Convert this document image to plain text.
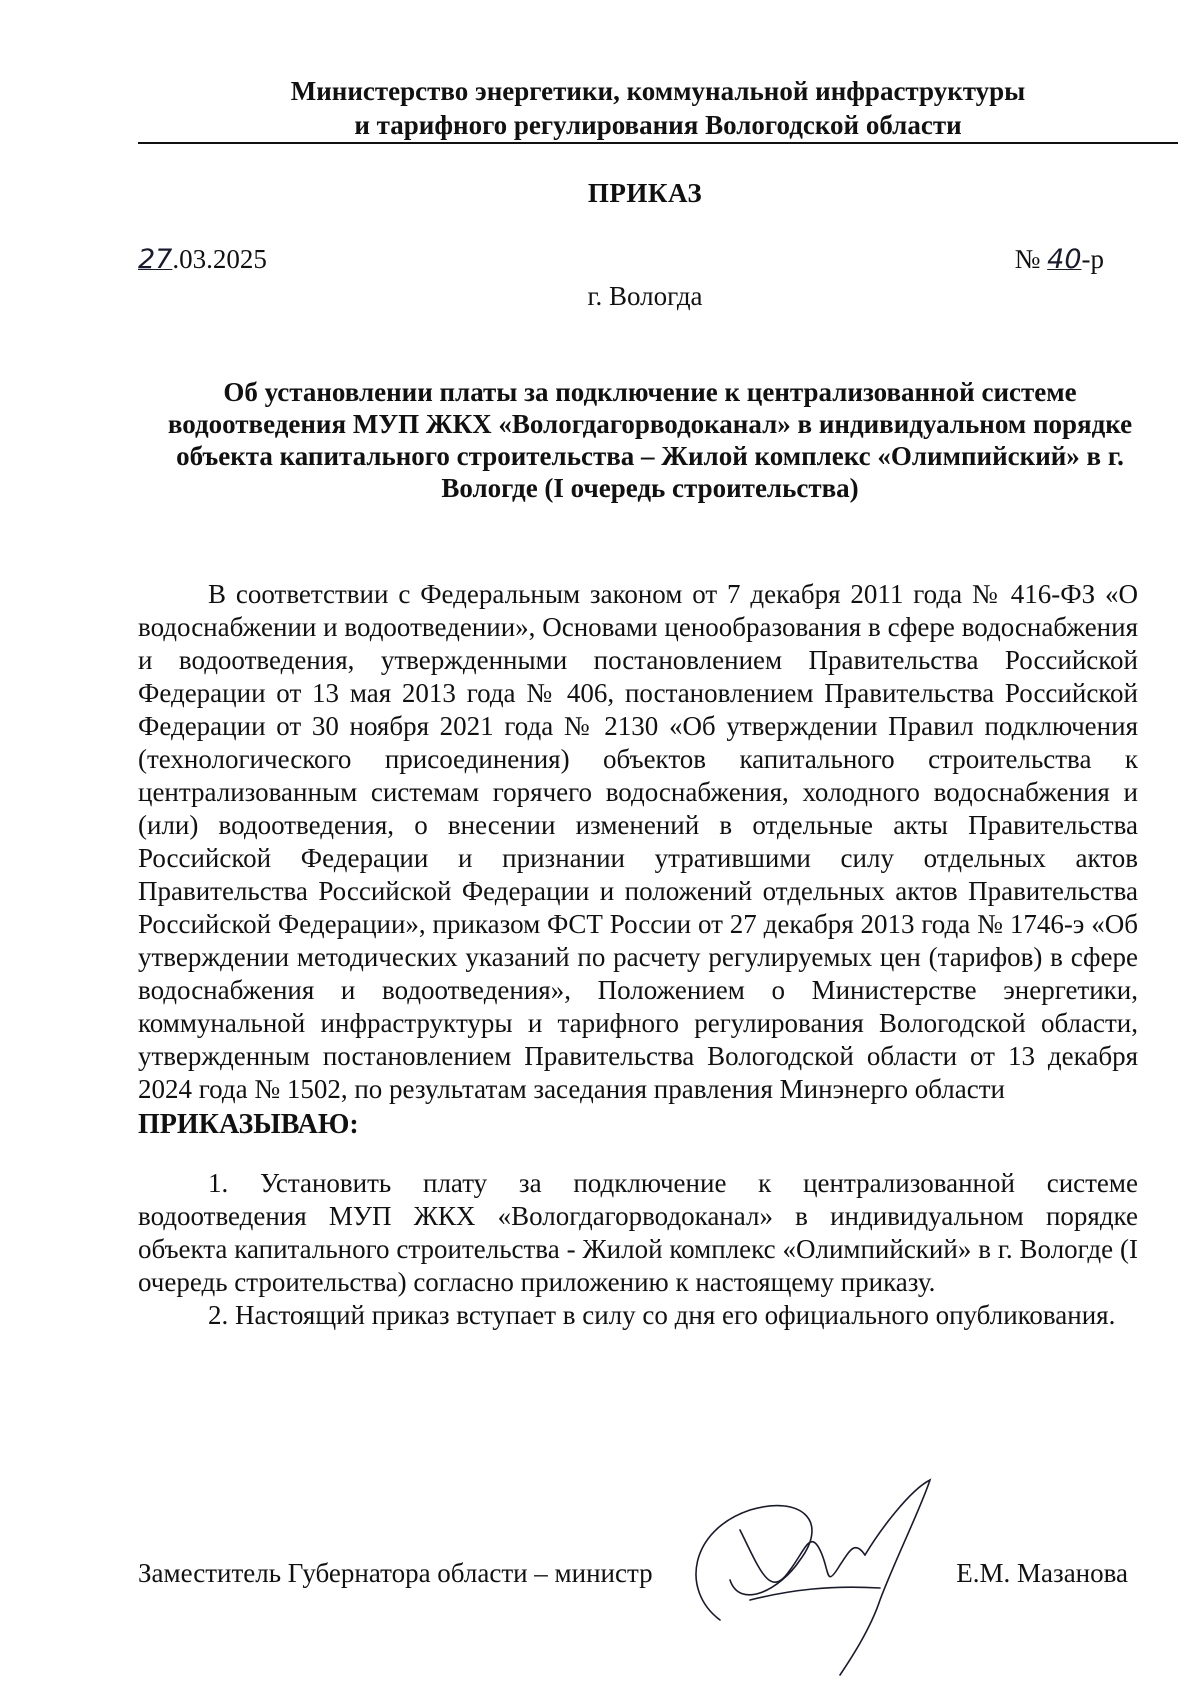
Министерство энергетики, коммунальной инфраструктуры
и тарифного регулирования Вологодской области
ПРИКАЗ
27.03.2025	№ 40-р
г. Вологда
Об установлении платы за подключение к централизованной системе водоотведения МУП ЖКХ «Вологдагорводоканал» в индивидуальном порядке объекта капитального строительства – Жилой комплекс «Олимпийский» в г. Вологде (I очередь строительства)

В соответствии с Федеральным законом от 7 декабря 2011 года № 416-ФЗ «О водоснабжении и водоотведении», Основами ценообразования в сфере водоснабжения и водоотведения, утвержденными постановлением Правительства Российской Федерации от 13 мая 2013 года № 406, постановлением Правительства Российской Федерации от 30 ноября 2021 года № 2130 «Об утверждении Правил подключения (технологического присоединения) объектов капитального строительства к централизованным системам горячего водоснабжения, холодного водоснабжения и (или) водоотведения, о внесении изменений в отдельные акты Правительства Российской Федерации и признании утратившими силу отдельных актов Правительства Российской Федерации и положений отдельных актов Правительства Российской Федерации», приказом ФСТ России от 27 декабря 2013 года № 1746-э «Об утверждении методических указаний по расчету регулируемых цен (тарифов) в сфере водоснабжения и водоотведения», Положением о Министерстве энергетики, коммунальной инфраструктуры и тарифного регулирования Вологодской области, утвержденным постановлением Правительства Вологодской области от 13 декабря 2024 года № 1502, по результатам заседания правления Минэнерго области

ПРИКАЗЫВАЮ:

1. Установить плату за подключение к централизованной системе водоотведения МУП ЖКХ «Вологдагорводоканал» в индивидуальном порядке объекта капитального строительства - Жилой комплекс «Олимпийский» в г. Вологде (I очередь строительства) согласно приложению к настоящему приказу.

2. Настоящий приказ вступает в силу со дня его официального опубликования.

Заместитель Губернатора области – министр	Е.М. Мазанова
